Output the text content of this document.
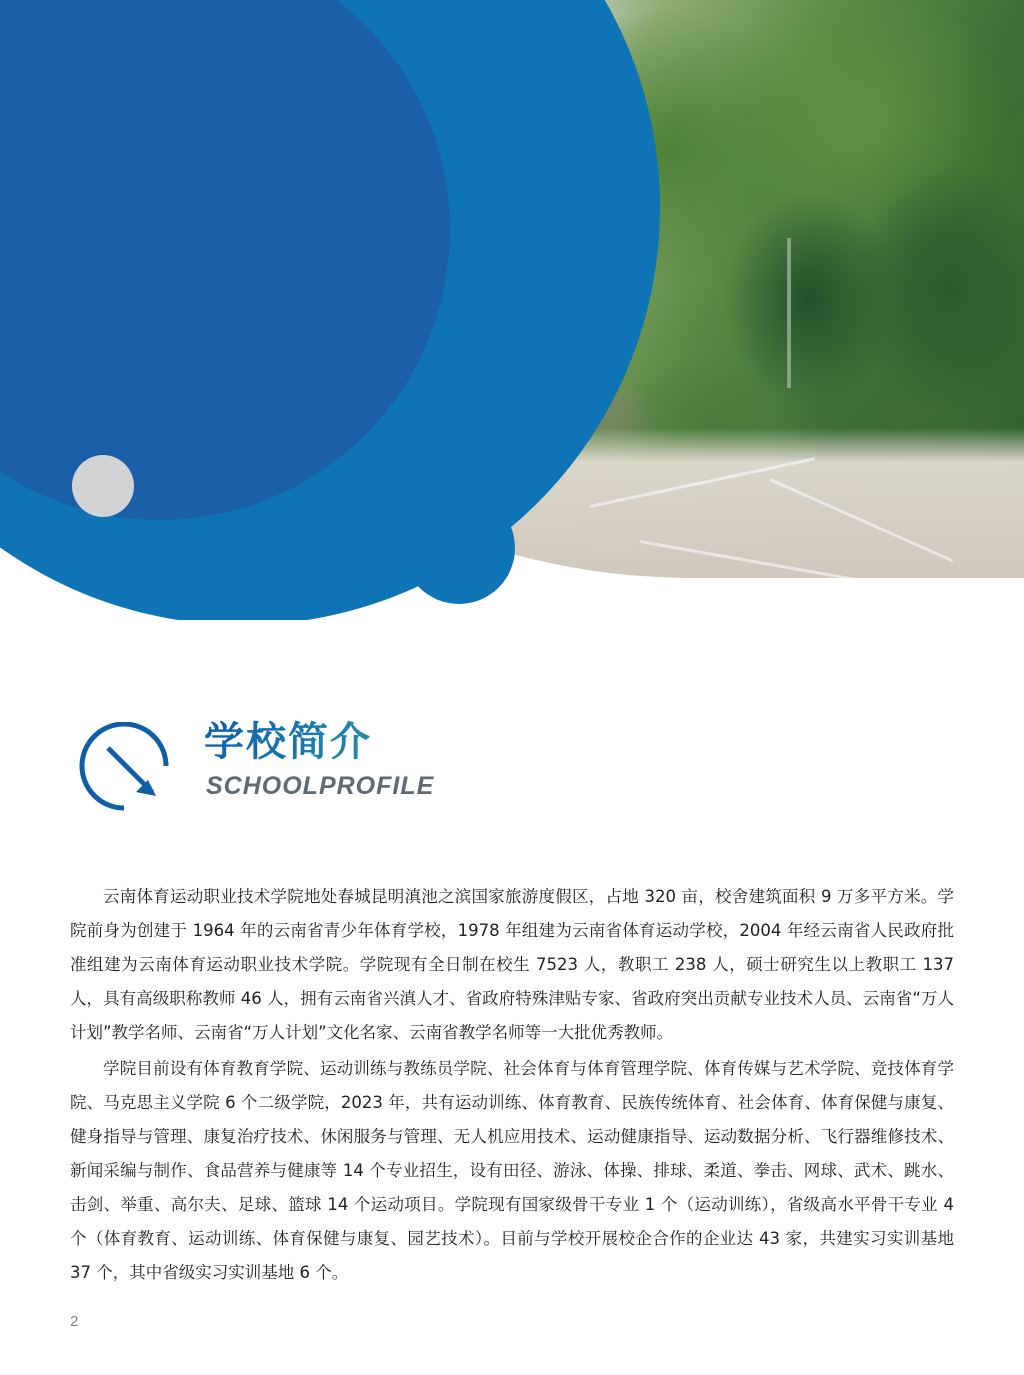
学校简介
SCHOOLPROFILE

云南体育运动职业技术学院地处春城昆明滇池之滨国家旅游度假区，占地 320 亩，校舍建筑面积 9 万多平方米。学院前身为创建于 1964 年的云南省青少年体育学校，1978 年组建为云南省体育运动学校，2004 年经云南省人民政府批准组建为云南体育运动职业技术学院。学院现有全日制在校生 7523 人，教职工 238 人，硕士研究生以上教职工 137 人，具有高级职称教师 46 人，拥有云南省兴滇人才、省政府特殊津贴专家、省政府突出贡献专业技术人员、云南省“万人计划”教学名师、云南省“万人计划”文化名家、云南省教学名师等一大批优秀教师。

学院目前设有体育教育学院、运动训练与教练员学院、社会体育与体育管理学院、体育传媒与艺术学院、竞技体育学院、马克思主义学院 6 个二级学院，2023 年，共有运动训练、体育教育、民族传统体育、社会体育、体育保健与康复、健身指导与管理、康复治疗技术、休闲服务与管理、无人机应用技术、运动健康指导、运动数据分析、飞行器维修技术、新闻采编与制作、食品营养与健康等 14 个专业招生，设有田径、游泳、体操、排球、柔道、拳击、网球、武术、跳水、击剑、举重、高尔夫、足球、篮球 14 个运动项目。学院现有国家级骨干专业 1 个（运动训练），省级高水平骨干专业 4 个（体育教育、运动训练、体育保健与康复、园艺技术）。目前与学校开展校企合作的企业达 43 家，共建实习实训基地 37 个，其中省级实习实训基地 6 个。

2
